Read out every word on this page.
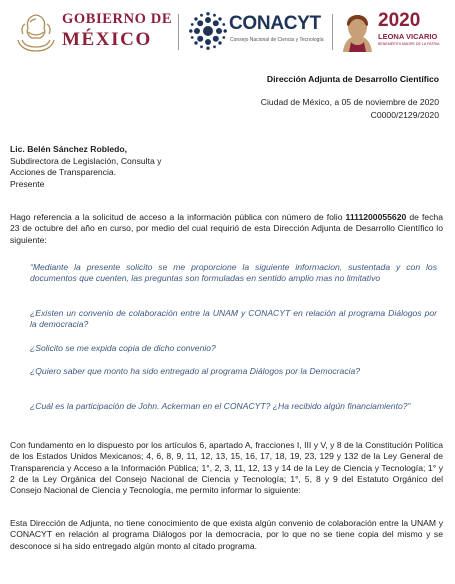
GOBIERNO DE
MÉXICO
CONACYT
Consejo Nacional de Ciencia y Tecnología
2020
LEONA VICARIO
BENEMÉRITA MADRE DE LA PATRIA
Dirección Adjunta de Desarrollo Científico
Ciudad de México, a 05 de noviembre de 2020
C0000/2129/2020
Lic. Belén Sánchez Robledo,
Subdirectora de Legislación, Consulta y
Acciones de Transparencia.
Presente
Hago referencia a la solicitud de acceso a la información pública con número de folio 1111200055620 de fecha 23 de octubre del año en curso, por medio del cual requirió de esta Dirección Adjunta de Desarrollo Científico lo siguiente:
“Mediante la presente solicito se me proporcione la siguiente informacion, sustentada y con los documentos que cuenten, las preguntas son formuladas en sentido amplio mas no limitativo
¿Existen un convenio de colaboración entre la UNAM y CONACYT en relación al programa Diálogos por la democracia?
¿Solicito se me expida copia de dicho convenio?
¿Quiero saber que monto ha sido entregado al programa Diálogos por la Democracia?
¿Cuál es la participación de John. Ackerman en el CONACYT? ¿Ha recibido algún financiamiento?”
Con fundamento en lo dispuesto por los artículos 6, apartado A, fracciones I, III y V, y 8 de la Constitución Política de los Estados Unidos Mexicanos; 4, 6, 8, 9, 11, 12, 13, 15, 16, 17, 18, 19, 23, 129 y 132 de la Ley General de Transparencia y Acceso a la Información Pública; 1°, 2, 3, 11, 12, 13 y 14 de la Ley de Ciencia y Tecnología; 1° y 2 de la Ley Orgánica del Consejo Nacional de Ciencia y Tecnología; 1°, 5, 8 y 9 del Estatuto Orgánico del Consejo Nacional de Ciencia y Tecnología, me permito informar lo siguiente:
Esta Dirección de Adjunta, no tiene conocimiento de que exista algún convenio de colaboración entre la UNAM y CONACYT en relación al programa Diálogos por la democracia, por lo que no se tiene copia del mismo y se desconoce si ha sido entregado algún monto al citado programa.
